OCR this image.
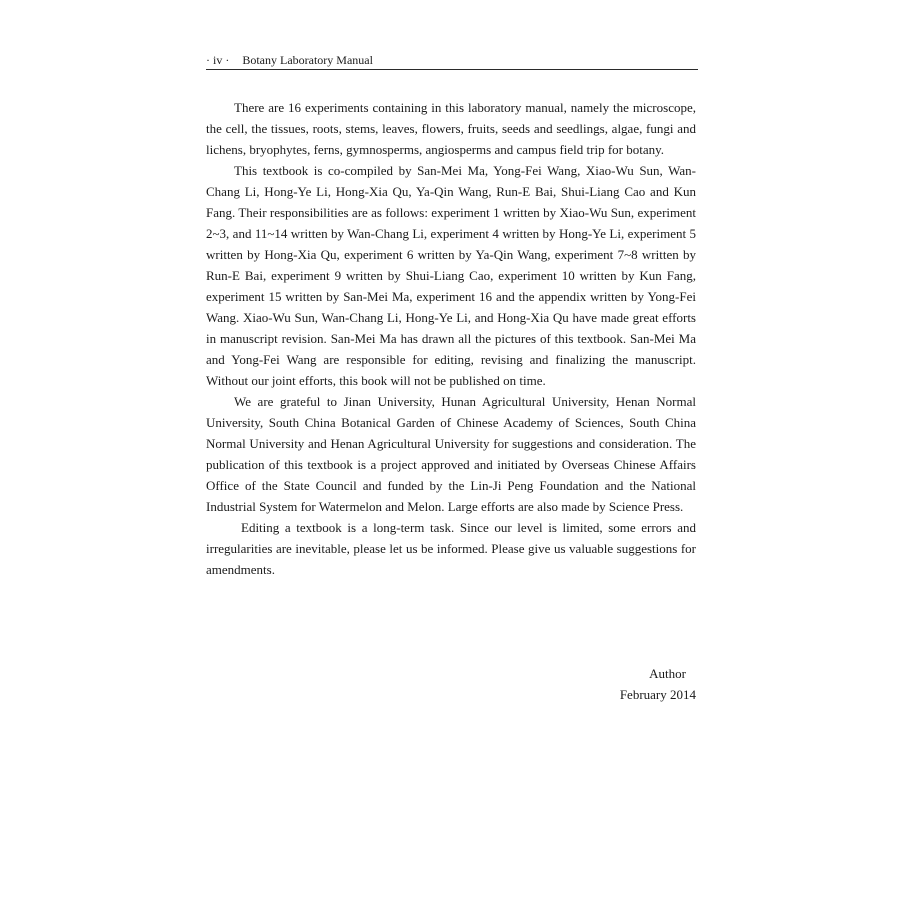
· iv · Botany Laboratory Manual

There are 16 experiments containing in this laboratory manual, namely the microscope, the cell, the tissues, roots, stems, leaves, flowers, fruits, seeds and seedlings, algae, fungi and lichens, bryophytes, ferns, gymnosperms, angiosperms and campus field trip for botany.

This textbook is co-compiled by San-Mei Ma, Yong-Fei Wang, Xiao-Wu Sun, Wan-Chang Li, Hong-Ye Li, Hong-Xia Qu, Ya-Qin Wang, Run-E Bai, Shui-Liang Cao and Kun Fang. Their responsibilities are as follows: experiment 1 written by Xiao-Wu Sun, experiment 2~3, and 11~14 written by Wan-Chang Li, experiment 4 written by Hong-Ye Li, experiment 5 written by Hong-Xia Qu, experiment 6 written by Ya-Qin Wang, experiment 7~8 written by Run-E Bai, experiment 9 written by Shui-Liang Cao, experiment 10 written by Kun Fang, experiment 15 written by San-Mei Ma, experiment 16 and the appendix written by Yong-Fei Wang. Xiao-Wu Sun, Wan-Chang Li, Hong-Ye Li, and Hong-Xia Qu have made great efforts in manuscript revision. San-Mei Ma has drawn all the pictures of this textbook. San-Mei Ma and Yong-Fei Wang are responsible for editing, revising and finalizing the manuscript. Without our joint efforts, this book will not be published on time.

We are grateful to Jinan University, Hunan Agricultural University, Henan Normal University, South China Botanical Garden of Chinese Academy of Sciences, South China Normal University and Henan Agricultural University for suggestions and consideration. The publication of this textbook is a project approved and initiated by Overseas Chinese Affairs Office of the State Council and funded by the Lin-Ji Peng Foundation and the National Industrial System for Watermelon and Melon. Large efforts are also made by Science Press.

Editing a textbook is a long-term task. Since our level is limited, some errors and irregularities are inevitable, please let us be informed. Please give us valuable suggestions for amendments.

Author
February 2014
